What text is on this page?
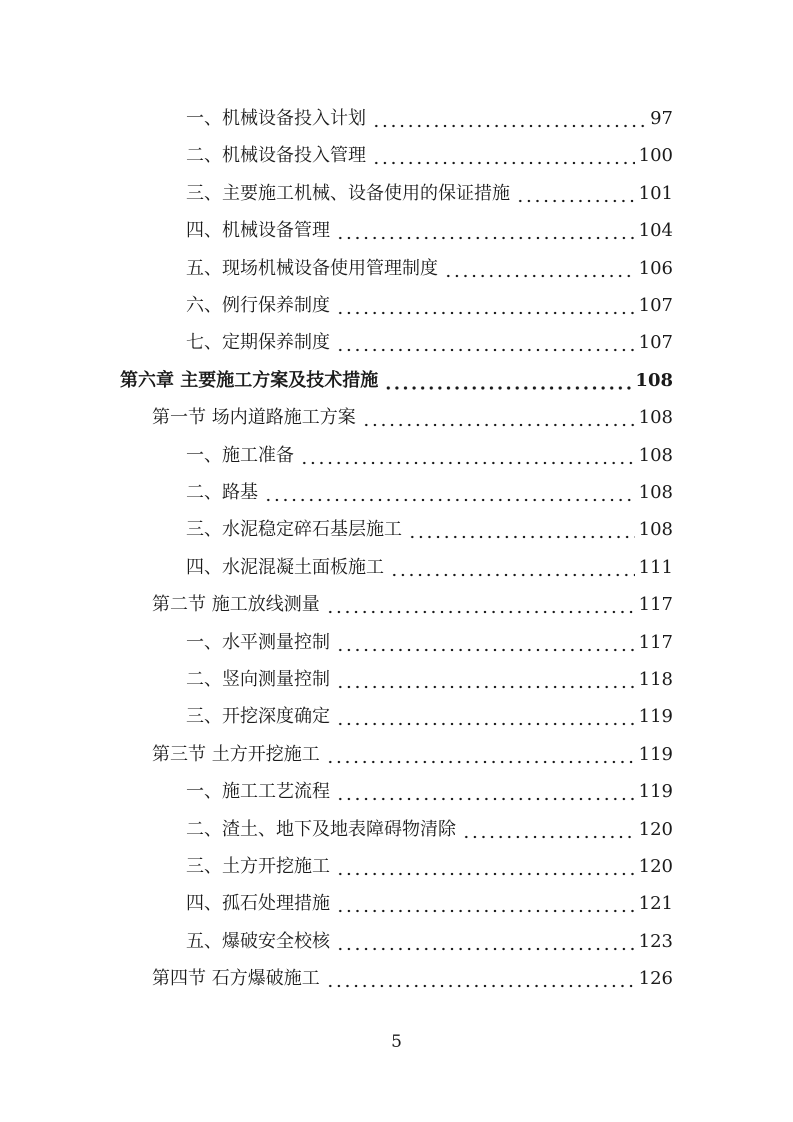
一、机械设备投入计划	97
二、机械设备投入管理	100
三、主要施工机械、设备使用的保证措施	101
四、机械设备管理	104
五、现场机械设备使用管理制度	106
六、例行保养制度	107
七、定期保养制度	107
第六章 主要施工方案及技术措施	108
第一节 场内道路施工方案	108
一、施工准备	108
二、路基	108
三、水泥稳定碎石基层施工	108
四、水泥混凝土面板施工	111
第二节 施工放线测量	117
一、水平测量控制	117
二、竖向测量控制	118
三、开挖深度确定	119
第三节 土方开挖施工	119
一、施工工艺流程	119
二、渣土、地下及地表障碍物清除	120
三、土方开挖施工	120
四、孤石处理措施	121
五、爆破安全校核	123
第四节 石方爆破施工	126
5
